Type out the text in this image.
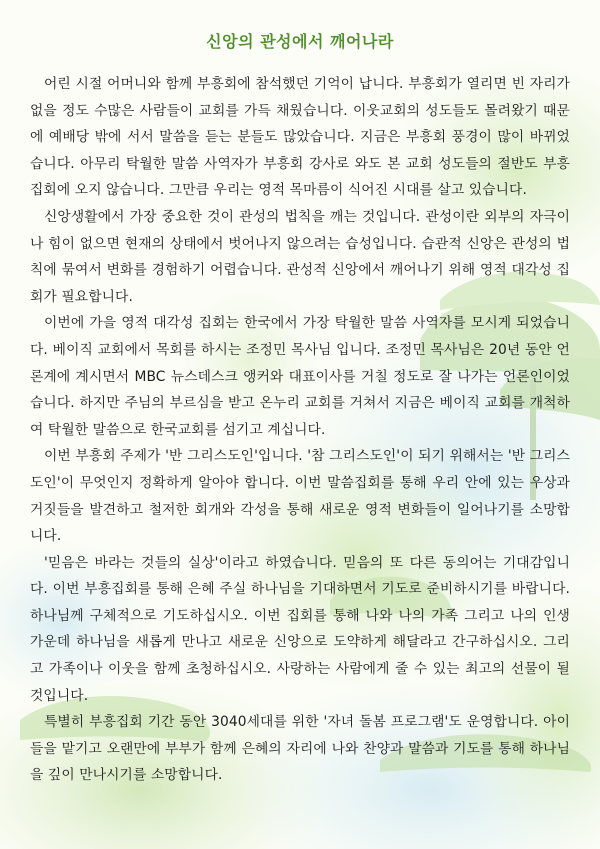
신앙의 관성에서 깨어나라

어린 시절 어머니와 함께 부흥회에 참석했던 기억이 납니다. 부흥회가 열리면 빈 자리가 없을 정도 수많은 사람들이 교회를 가득 채웠습니다. 이웃교회의 성도들도 몰려왔기 때문에 예배당 밖에 서서 말씀을 듣는 분들도 많았습니다. 지금은 부흥회 풍경이 많이 바뀌었습니다. 아무리 탁월한 말씀 사역자가 부흥회 강사로 와도 본 교회 성도들의 절반도 부흥집회에 오지 않습니다. 그만큼 우리는 영적 목마름이 식어진 시대를 살고 있습니다.

신앙생활에서 가장 중요한 것이 관성의 법칙을 깨는 것입니다. 관성이란 외부의 자극이나 힘이 없으면 현재의 상태에서 벗어나지 않으려는 습성입니다. 습관적 신앙은 관성의 법칙에 묶여서 변화를 경험하기 어렵습니다. 관성적 신앙에서 깨어나기 위해 영적 대각성 집회가 필요합니다.

이번에 가을 영적 대각성 집회는 한국에서 가장 탁월한 말씀 사역자를 모시게 되었습니다. 베이직 교회에서 목회를 하시는 조정민 목사님 입니다. 조정민 목사님은 20년 동안 언론계에 계시면서 MBC 뉴스데스크 앵커와 대표이사를 거칠 정도로 잘 나가는 언론인이었습니다. 하지만 주님의 부르심을 받고 온누리 교회를 거쳐서 지금은 베이직 교회를 개척하여 탁월한 말씀으로 한국교회를 섬기고 계십니다.

이번 부흥회 주제가 '반 그리스도인'입니다. '참 그리스도인'이 되기 위해서는 '반 그리스도인'이 무엇인지 정확하게 알아야 합니다. 이번 말씀집회를 통해 우리 안에 있는 우상과 거짓들을 발견하고 철저한 회개와 각성을 통해 새로운 영적 변화들이 일어나기를 소망합니다.

'믿음은 바라는 것들의 실상'이라고 하였습니다. 믿음의 또 다른 동의어는 기대감입니다. 이번 부흥집회를 통해 은혜 주실 하나님을 기대하면서 기도로 준비하시기를 바랍니다. 하나님께 구체적으로 기도하십시오. 이번 집회를 통해 나와 나의 가족 그리고 나의 인생 가운데 하나님을 새롭게 만나고 새로운 신앙으로 도약하게 해달라고 간구하십시오. 그리고 가족이나 이웃을 함께 초청하십시오. 사랑하는 사람에게 줄 수 있는 최고의 선물이 될 것입니다.

특별히 부흥집회 기간 동안 3040세대를 위한 '자녀 돌봄 프로그램'도 운영합니다. 아이들을 맡기고 오랜만에 부부가 함께 은혜의 자리에 나와 찬양과 말씀과 기도를 통해 하나님을 깊이 만나시기를 소망합니다.
